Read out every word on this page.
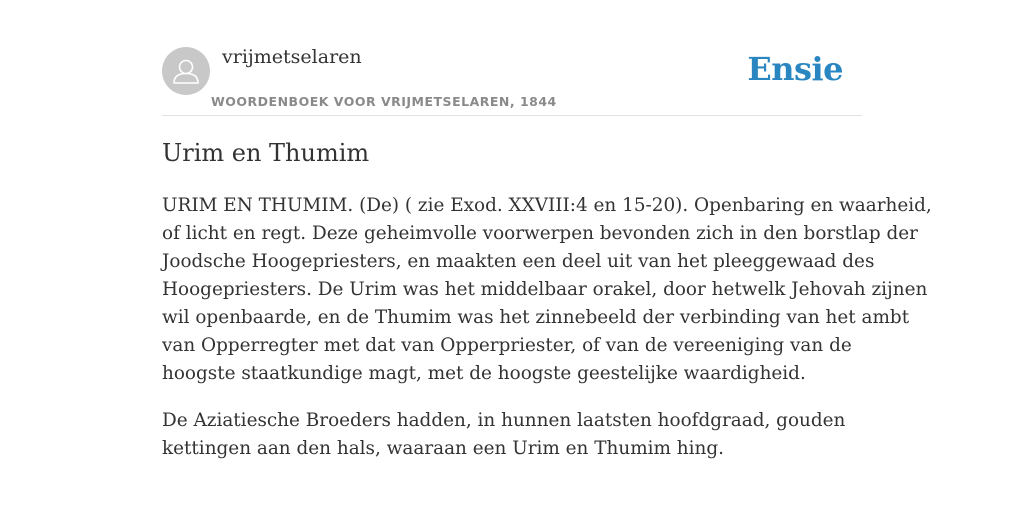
vrijmetselaren
WOORDENBOEK VOOR VRIJMETSELAREN, 1844
Ensie
Urim en Thumim

URIM EN THUMIM. (De) ( zie Exod. XXVIII:4 en 15-20). Openbaring en waarheid,
of licht en regt. Deze geheimvolle voorwerpen bevonden zich in den borstlap der
Joodsche Hoogepriesters, en maakten een deel uit van het pleeggewaad des
Hoogepriesters. De Urim was het middelbaar orakel, door hetwelk Jehovah zijnen
wil openbaarde, en de Thumim was het zinnebeeld der verbinding van het ambt
van Opperregter met dat van Opperpriester, of van de vereeniging van de
hoogste staatkundige magt, met de hoogste geestelijke waardigheid.

De Aziatiesche Broeders hadden, in hunnen laatsten hoofdgraad, gouden
kettingen aan den hals, waaraan een Urim en Thumim hing.
